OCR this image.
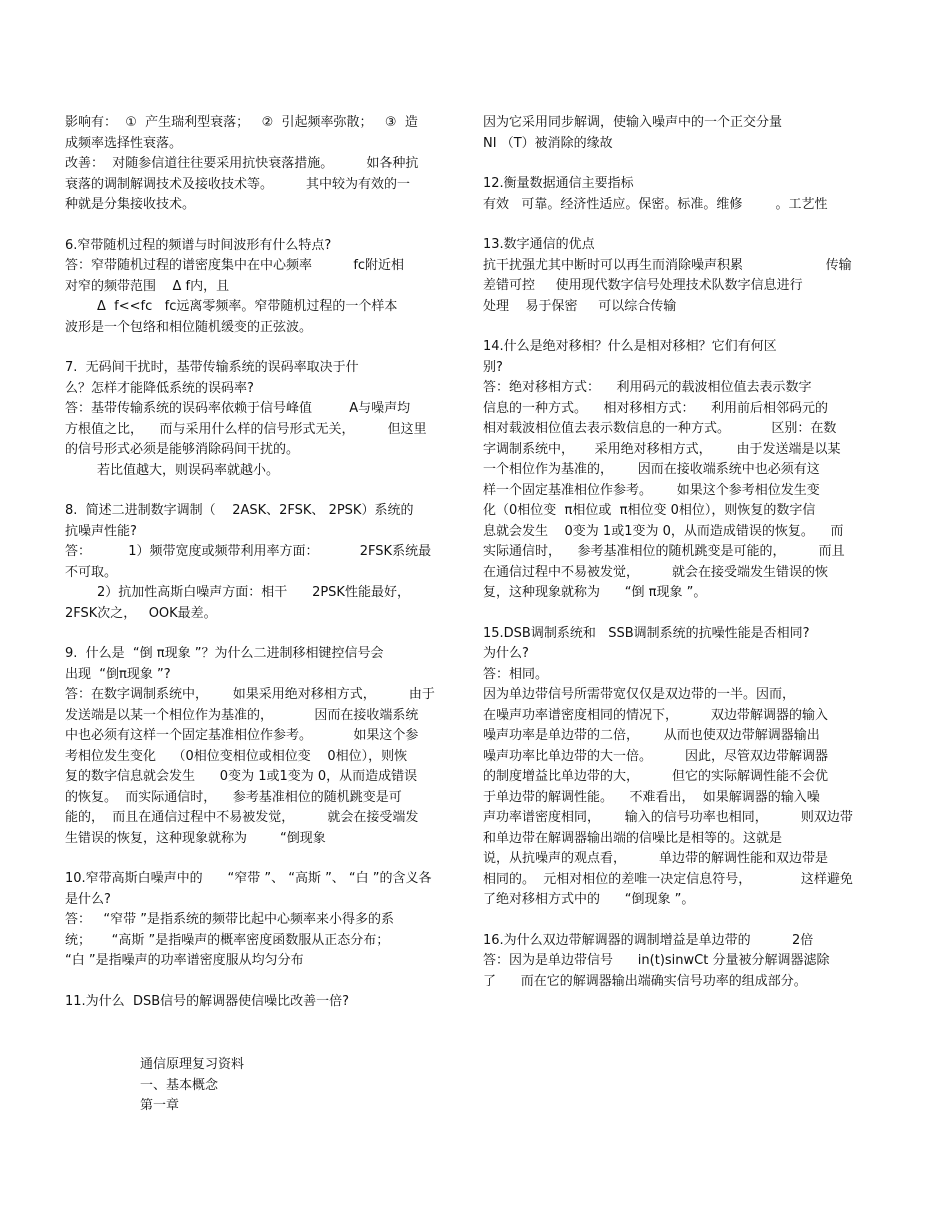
影响有：  ①  产生瑞利型衰落；   ②  引起频率弥散；   ③  造

成频率选择性衰落。

改善：  对随参信道往往要采用抗快衰落措施。        如各种抗

衰落的调制解调技术及接收技术等。        其中较为有效的一

种就是分集接收技术。

6.窄带随机过程的频谱与时间波形有什么特点?

答：窄带随机过程的谱密度集中在中心频率          fc附近相

对窄的频带范围    Δ f内，且

Δ  f<<fc   fc远离零频率。窄带随机过程的一个样本

波形是一个包络和相位随机缓变的正弦波。

7.  无码间干扰时，基带传输系统的误码率取决于什

么？怎样才能降低系统的误码率?

答：基带传输系统的误码率依赖于信号峰值         A与噪声均

方根值之比，    而与采用什么样的信号形式无关，        但这里

的信号形式必须是能够消除码间干扰的。

若比值越大，则误码率就越小。

8.  简述二进制数字调制（    2ASK、2FSK、 2PSK）系统的

抗噪声性能?

答：         1）频带宽度或频带利用率方面：          2FSK系统最

不可取。

2）抗加性高斯白噪声方面：相干      2PSK性能最好，

2FSK次之，   OOK最差。

9.  什么是  “倒 π现象 ”？为什么二进制移相键控信号会

出现  “倒π现象 ”?

答：在数字调制系统中，      如果采用绝对移相方式，        由于

发送端是以某一个相位作为基准的，          因而在接收端系统

中也必须有这样一个固定基准相位作参考。          如果这个参

考相位发生变化    （0相位变相位或相位变    0相位），则恢

复的数字信息就会发生      0变为 1或1变为 0，从而造成错误

的恢复。  而实际通信时，    参考基准相位的随机跳变是可

能的，  而且在通信过程中不易被发觉，        就会在接受端发

生错误的恢复，这种现象就称为        “倒现象

10.窄带高斯白噪声中的      “窄带 ”、 “高斯 ”、 “白 ”的含义各

是什么?

答：   “窄带 ”是指系统的频带比起中心频率来小得多的系

统；     “高斯 ”是指噪声的概率密度函数服从正态分布；

“白 ”是指噪声的功率谱密度服从均匀分布

11.为什么  DSB信号的解调器使信噪比改善一倍?

因为它采用同步解调，使输入噪声中的一个正交分量

NI （T）被消除的缘故

12.衡量数据通信主要指标

有效   可靠。经济性适应。保密。标准。维修        。工艺性

13.数字通信的优点

抗干扰强尤其中断时可以再生而消除噪声积累                    传输

差错可控     使用现代数字信号处理技术队数字信息进行

处理    易于保密     可以综合传输

14.什么是绝对移相？什么是相对移相？它们有何区

别?

答：绝对移相方式：    利用码元的载波相位值去表示数字

信息的一种方式。    相对移相方式：    利用前后相邻码元的

相对载波相位值去表示数信息的一种方式。          区别：在数

字调制系统中，     采用绝对移相方式，      由于发送端是以某

一个相位作为基准的，      因而在接收端系统中也必须有这

样一个固定基准相位作参考。      如果这个参考相位发生变

化（0相位变  π相位或  π相位变 0相位），则恢复的数字信

息就会发生    0变为 1或1变为 0，从而造成错误的恢复。    而

实际通信时，    参考基准相位的随机跳变是可能的，        而且

在通信过程中不易被发觉，        就会在接受端发生错误的恢

复，这种现象就称为      “倒 π现象 ”。

15.DSB调制系统和   SSB调制系统的抗噪性能是否相同?

为什么?

答：相同。

因为单边带信号所需带宽仅仅是双边带的一半。因而，

在噪声功率谱密度相同的情况下，        双边带解调器的输入

噪声功率是单边带的二倍，      从而也使双边带解调器输出

噪声功率比单边带的大一倍。        因此，尽管双边带解调器

的制度增益比单边带的大，        但它的实际解调性能不会优

于单边带的解调性能。    不难看出，  如果解调器的输入噪

声功率谱密度相同，      输入的信号功率也相同，        则双边带

和单边带在解调器输出端的信噪比是相等的。这就是

说，从抗噪声的观点看，        单边带的解调性能和双边带是

相同的。  元相对相位的差唯一决定信息符号，            这样避免

了绝对移相方式中的      “倒现象 ”。

16.为什么双边带解调器的调制增益是单边带的          2倍

答：因为是单边带信号      in(t)sinwCt 分量被分解调器滤除

了      而在它的解调器输出端确实信号功率的组成部分。

通信原理复习资料

一、基本概念

第一章
